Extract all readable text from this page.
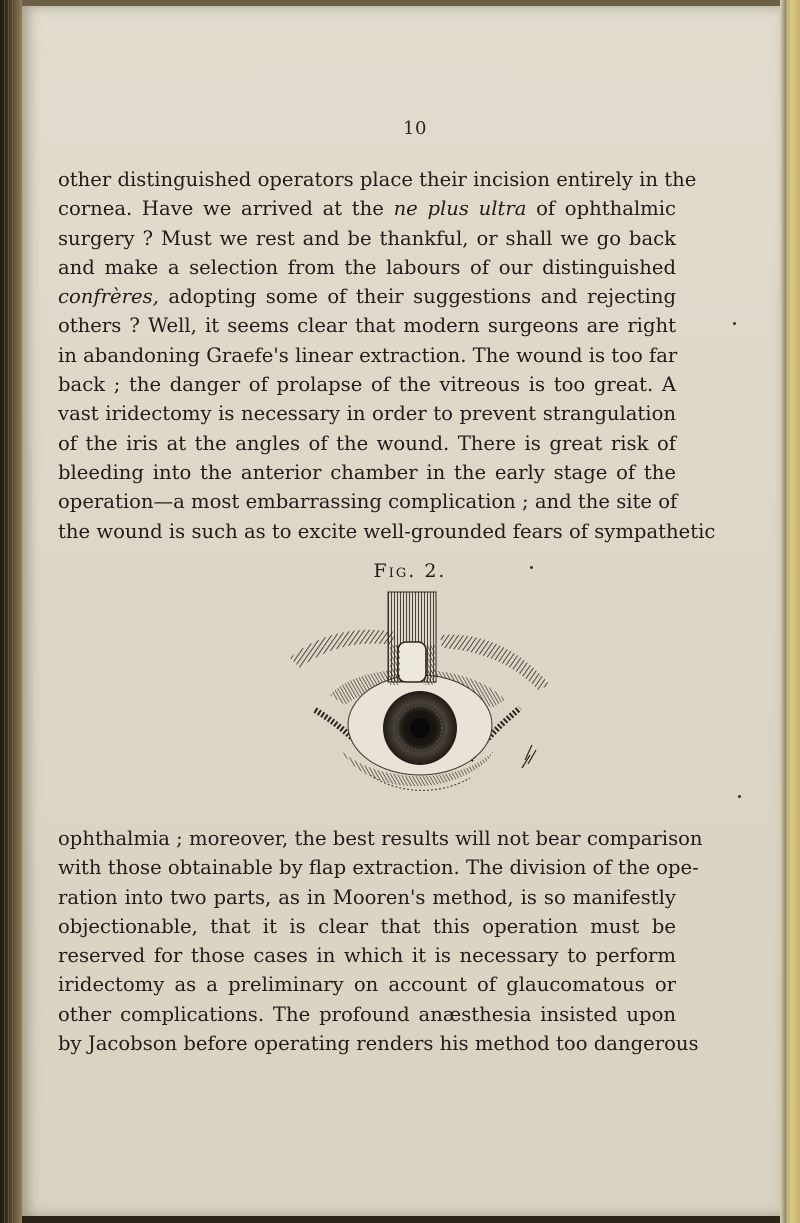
10
other distinguished operators place their incision entirely in the
cornea. Have we arrived at the ne plus ultra of ophthalmic
surgery ? Must we rest and be thankful, or shall we go back
and make a selection from the labours of our distinguished
confrères, adopting some of their suggestions and rejecting
others ? Well, it seems clear that modern surgeons are right
in abandoning Graefe's linear extraction. The wound is too far
back ; the danger of prolapse of the vitreous is too great. A
vast iridectomy is necessary in order to prevent strangulation
of the iris at the angles of the wound. There is great risk of
bleeding into the anterior chamber in the early stage of the
operation—a most embarrassing complication ; and the site of
the wound is such as to excite well-grounded fears of sympathetic
Fig. 2.
ophthalmia ; moreover, the best results will not bear comparison
with those obtainable by flap extraction. The division of the ope-
ration into two parts, as in Mooren's method, is so manifestly
objectionable, that it is clear that this operation must be
reserved for those cases in which it is necessary to perform
iridectomy as a preliminary on account of glaucomatous or
other complications. The profound anæsthesia insisted upon
by Jacobson before operating renders his method too dangerous
